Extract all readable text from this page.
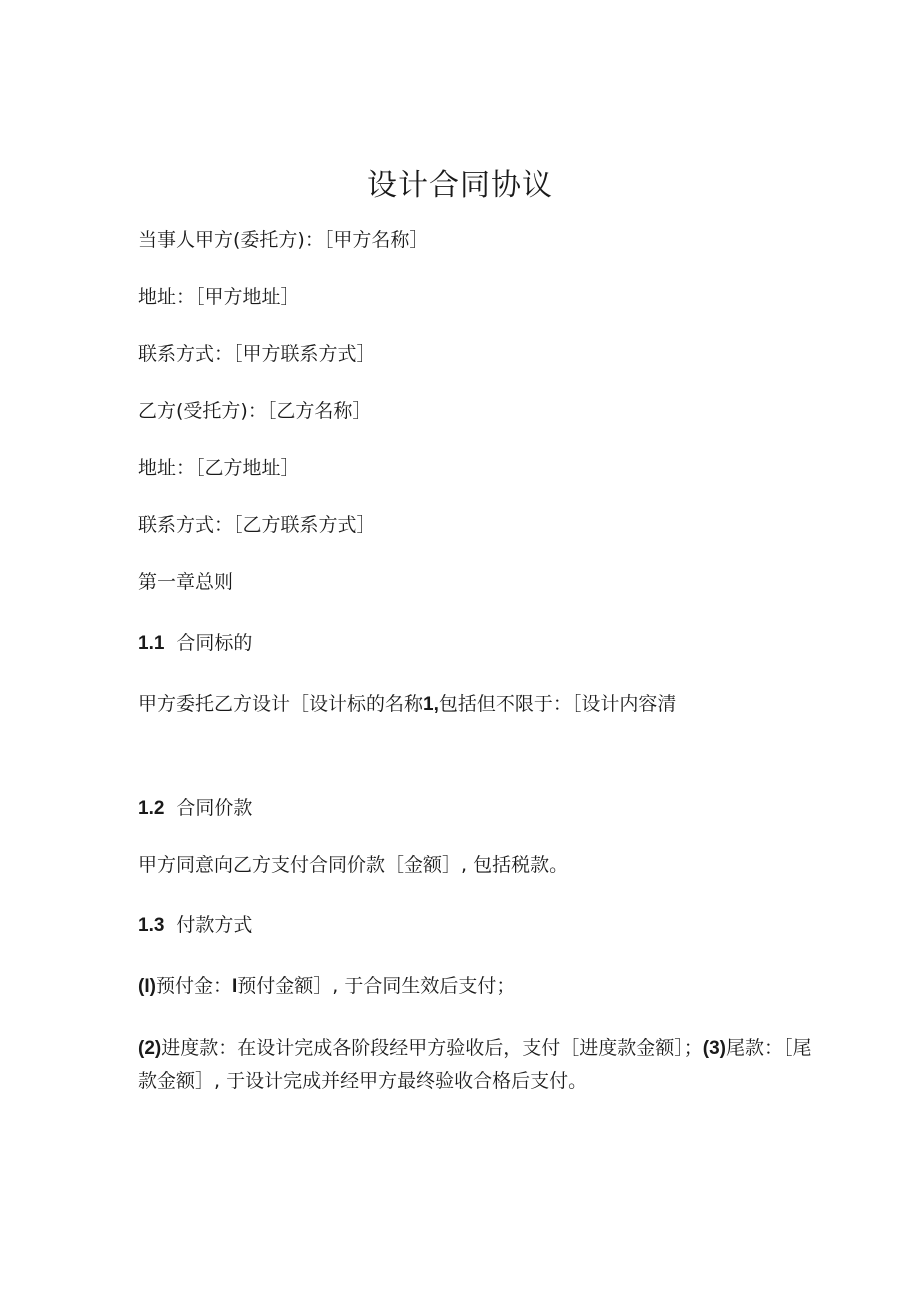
设计合同协议
当事人甲方(委托方)：［甲方名称］
地址：［甲方地址］
联系方式：［甲方联系方式］
乙方(受托方)：［乙方名称］
地址：［乙方地址］
联系方式：［乙方联系方式］
第一章总则
1.1 合同标的
甲方委托乙方设计［设计标的名称1,包括但不限于：［设计内容清
1.2 合同价款
甲方同意向乙方支付合同价款［金额］, 包括税款。
1.3 付款方式
(I)预付金：I预付金额］, 于合同生效后支付；
(2)进度款：在设计完成各阶段经甲方验收后，支付［进度款金额］；(3)尾款：［尾款金额］, 于设计完成并经甲方最终验收合格后支付。
